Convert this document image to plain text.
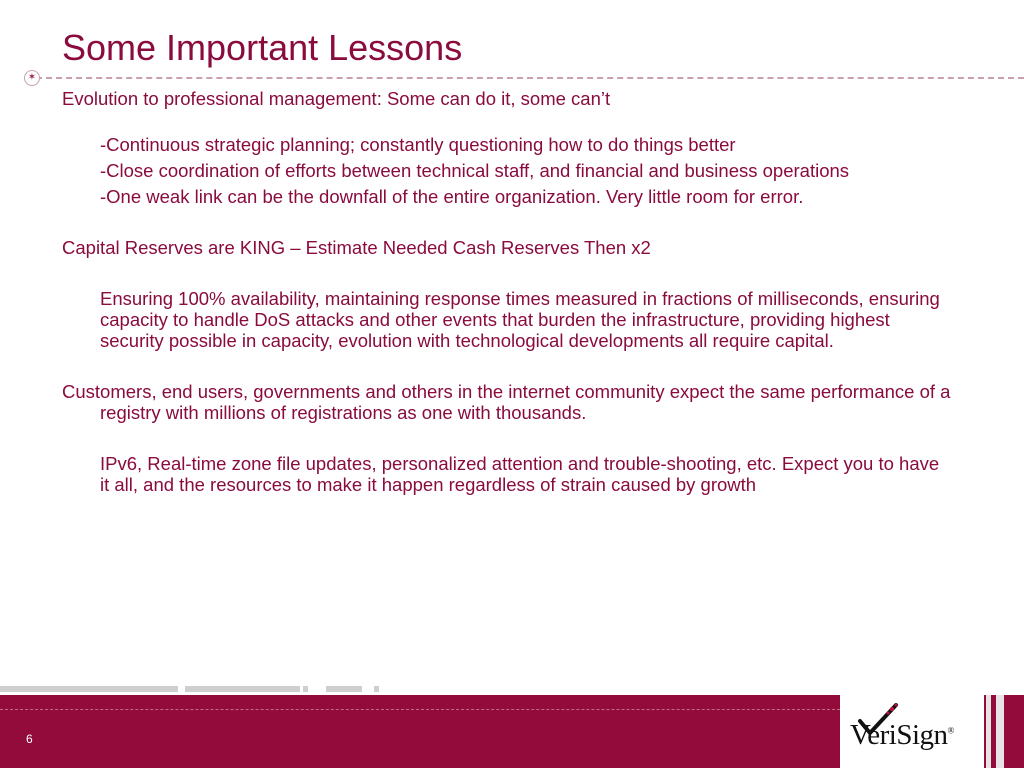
Some Important Lessons
✶

Evolution to professional management: Some can do it, some can’t

-Continuous strategic planning; constantly questioning how to do things better

-Close coordination of efforts between technical staff, and financial and business operations

-One weak link can be the downfall of the entire organization. Very little room for error.

Capital Reserves are KING – Estimate Needed Cash Reserves Then x2

Ensuring 100% availability, maintaining response times measured in fractions of milliseconds, ensuring capacity to handle DoS attacks and other events that burden the infrastructure, providing highest security possible in capacity, evolution with technological developments all require capital.

Customers, end users, governments and others in the internet community expect the same performance of a registry with millions of registrations as one with thousands.

IPv6, Real-time zone file updates, personalized attention and trouble-shooting, etc. Expect you to have it all, and the resources to make it happen regardless of strain caused by growth

6	VeriSign®
